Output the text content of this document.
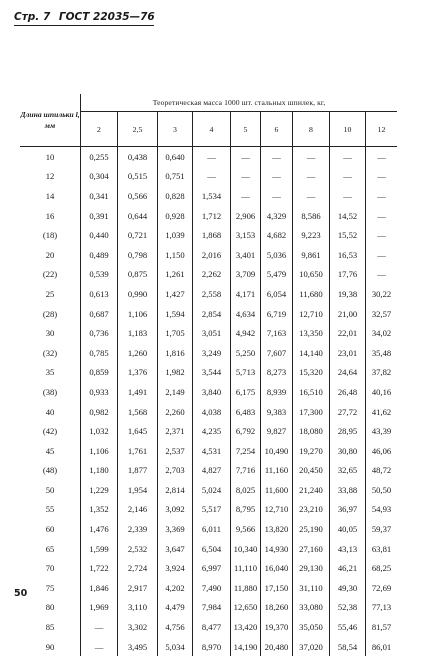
Стр. 7 ГОСТ 22035—76
Длина шпильки l,
мм	Теоретическая масса 1000 шт. стальных шпилек, кг,								
	2	2,5	3	4	5	6	8	10	12
10	0,255	0,438	0,640	—	—	—	—	—	—
12	0,304	0,515	0,751	—	—	—	—	—	—
14	0,341	0,566	0,828	1,534	—	—	—	—	—
16	0,391	0,644	0,928	1,712	2,906	4,329	8,586	14,52	—
(18)	0,440	0,721	1,039	1,868	3,153	4,682	9,223	15,52	—
20	0,489	0,798	1,150	2,016	3,401	5,036	9,861	16,53	—
(22)	0,539	0,875	1,261	2,262	3,709	5,479	10,650	17,76	—
25	0,613	0,990	1,427	2,558	4,171	6,054	11,680	19,38	30,22
(28)	0,687	1,106	1,594	2,854	4,634	6,719	12,710	21,00	32,57
30	0,736	1,183	1,705	3,051	4,942	7,163	13,350	22,01	34,02
(32)	0,785	1,260	1,816	3,249	5,250	7,607	14,140	23,01	35,48
35	0,859	1,376	1,982	3,544	5,713	8,273	15,320	24,64	37,82
(38)	0,933	1,491	2,149	3,840	6,175	8,939	16,510	26,48	40,16
40	0,982	1,568	2,260	4,038	6,483	9,383	17,300	27,72	41,62
(42)	1,032	1,645	2,371	4,235	6,792	9,827	18,080	28,95	43,39
45	1,106	1,761	2,537	4,531	7,254	10,490	19,270	30,80	46,06
(48)	1,180	1,877	2,703	4,827	7,716	11,160	20,450	32,65	48,72
50	1,229	1,954	2,814	5,024	8,025	11,600	21,240	33,88	50,50
55	1,352	2,146	3,092	5,517	8,795	12,710	23,210	36,97	54,93
60	1,476	2,339	3,369	6,011	9,566	13,820	25,190	40,05	59,37
65	1,599	2,532	3,647	6,504	10,340	14,930	27,160	43,13	63,81
70	1,722	2,724	3,924	6,997	11,110	16,040	29,130	46,21	68,25
75	1,846	2,917	4,202	7,490	11,880	17,150	31,110	49,30	72,69
80	1,969	3,110	4,479	7,984	12,650	18,260	33,080	52,38	77,13
85	—	3,302	4,756	8,477	13,420	19,370	35,050	55,46	81,57
90	—	3,495	5,034	8,970	14,190	20,480	37,020	58,54	86,01
50
